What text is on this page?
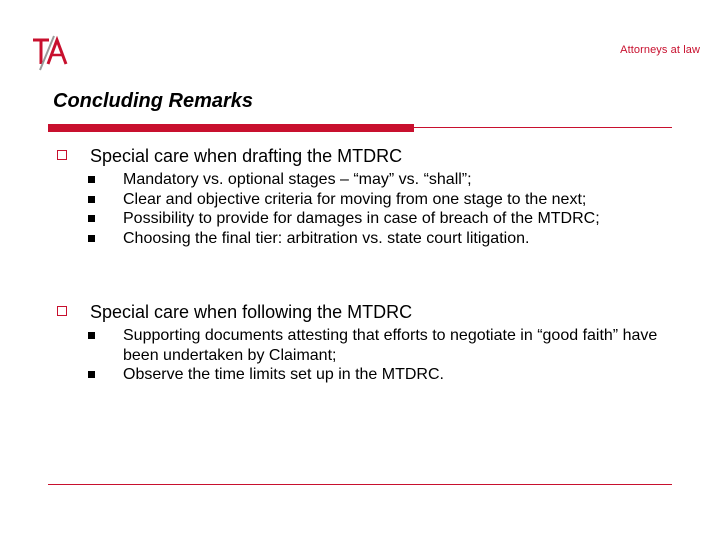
Attorneys at law
Concluding Remarks
Special care when drafting the MTDRC
Mandatory vs. optional stages – “may” vs. “shall”;
Clear and objective criteria for moving from one stage to the next;
Possibility to provide for damages in case of breach of the MTDRC;
Choosing the final tier: arbitration vs. state court litigation.
Special care when following the MTDRC
Supporting documents attesting that efforts to negotiate in “good faith” have been undertaken by Claimant;
Observe the time limits set up in the MTDRC.
